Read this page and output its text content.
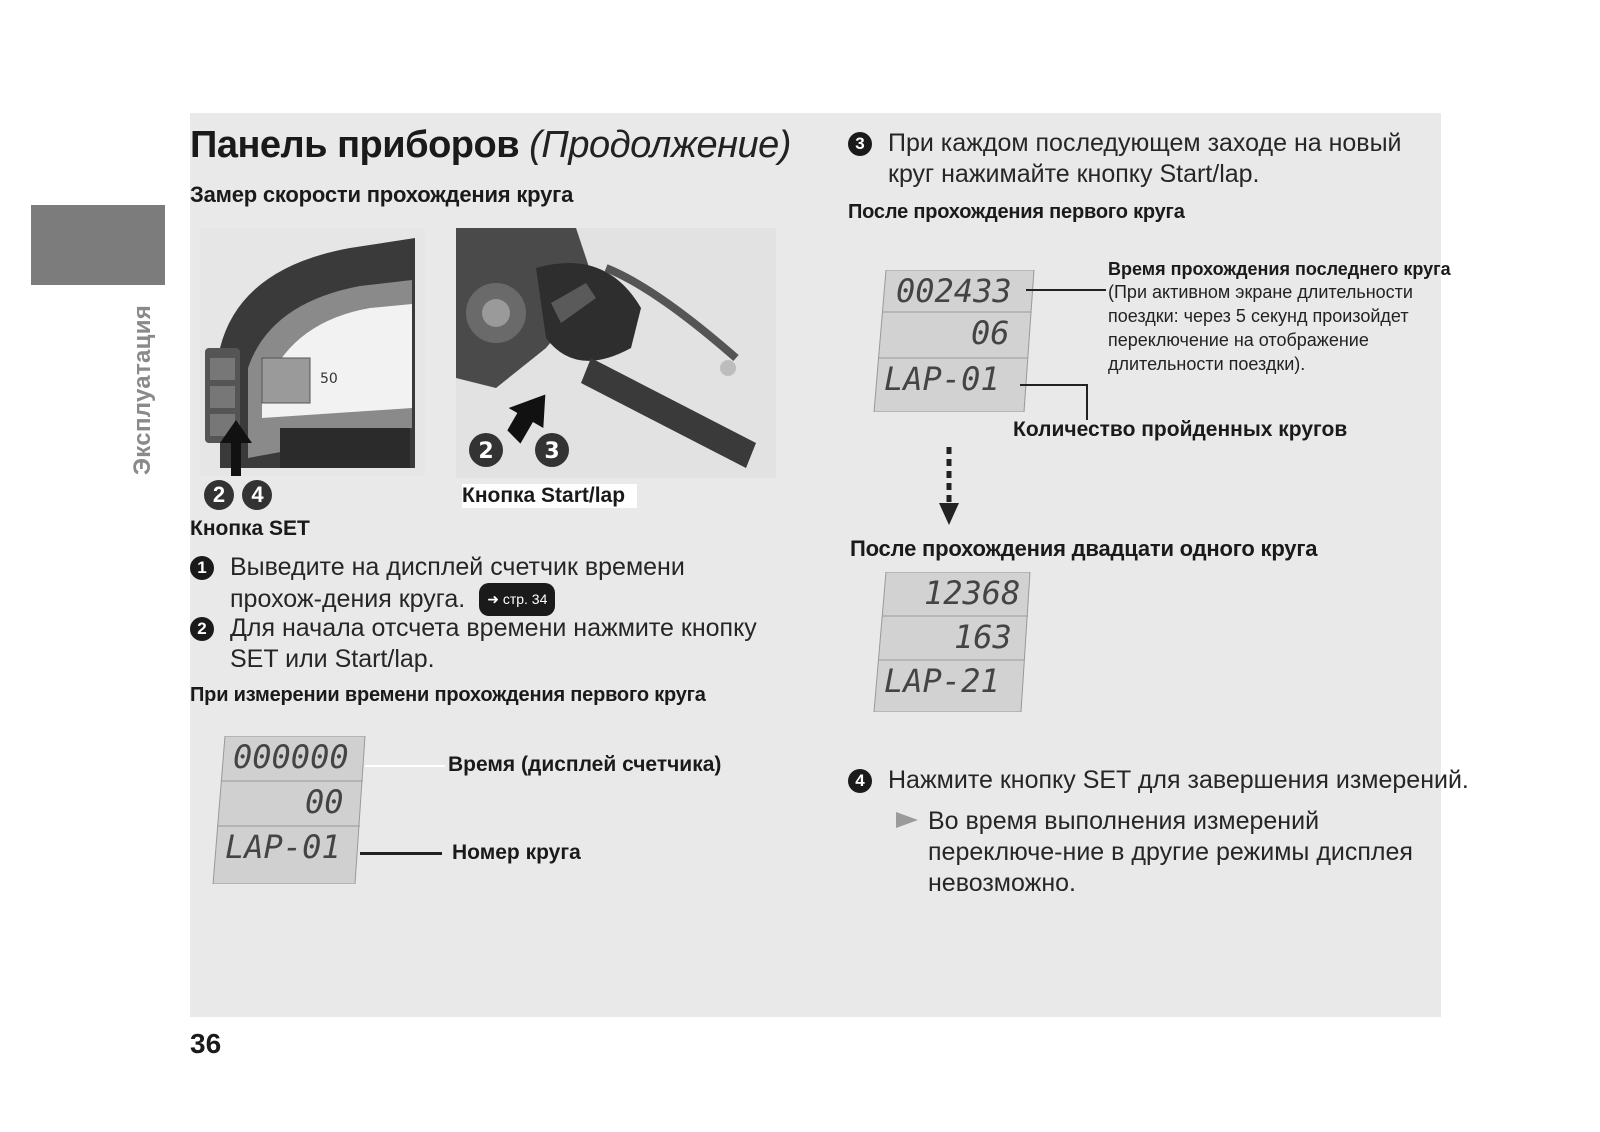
Эксплуатация
Панель приборов (Продолжение)
Замер скорости прохождения круга
50
2 4
Кнопка SET
2 3
Кнопка Start/lap
1 Выведите на дисплей счетчик времени прохож-дения круга. ➜ стр. 34
2 Для начала отсчета времени нажмите кнопку SET или Start/lap.
При измерении времени прохождения первого круга
000000
00
LAP-01
Время (дисплей счетчика)
Номер круга
3 При каждом последующем заходе на новый круг нажимайте кнопку Start/lap.
После прохождения первого круга
002433
06
LAP-01
Время прохождения последнего круга
(При активном экране длительности поездки: через 5 секунд произойдет переключение на отображение длительности поездки).
Количество пройденных кругов
После прохождения двадцати одного круга
12368
163
LAP-21
4 Нажмите кнопку SET для завершения измерений.
Во время выполнения измерений переключе-ние в другие режимы дисплея невозможно.
36
